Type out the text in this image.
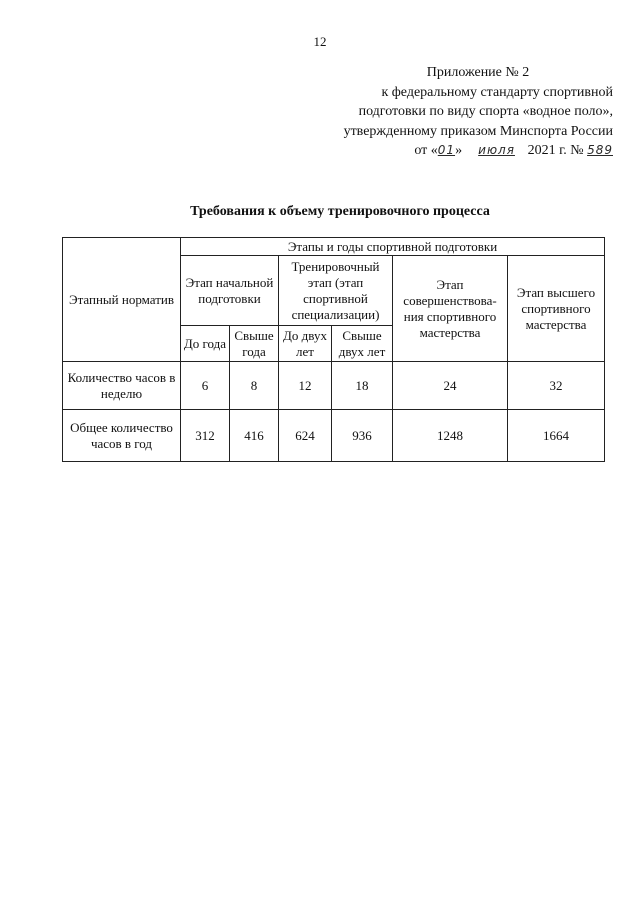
12
Приложение № 2
к федеральному стандарту спортивной
подготовки по виду спорта «водное поло»,
утвержденному приказом Минспорта России
от «01» июля 2021 г. № 589
Требования к объему тренировочного процесса
Этапный норматив	Этапы и годы спортивной подготовки					
	Этап начальной подготовки		Тренировочный этап (этап спортивной специализации)		Этап совершенствова-ния спортивного мастерства	Этап высшего спортивного мастерства
	До года	Свыше года	До двух лет	Свыше двух лет		
Количество часов в неделю	6	8	12	18	24	32
Общее количество часов в год	312	416	624	936	1248	1664
